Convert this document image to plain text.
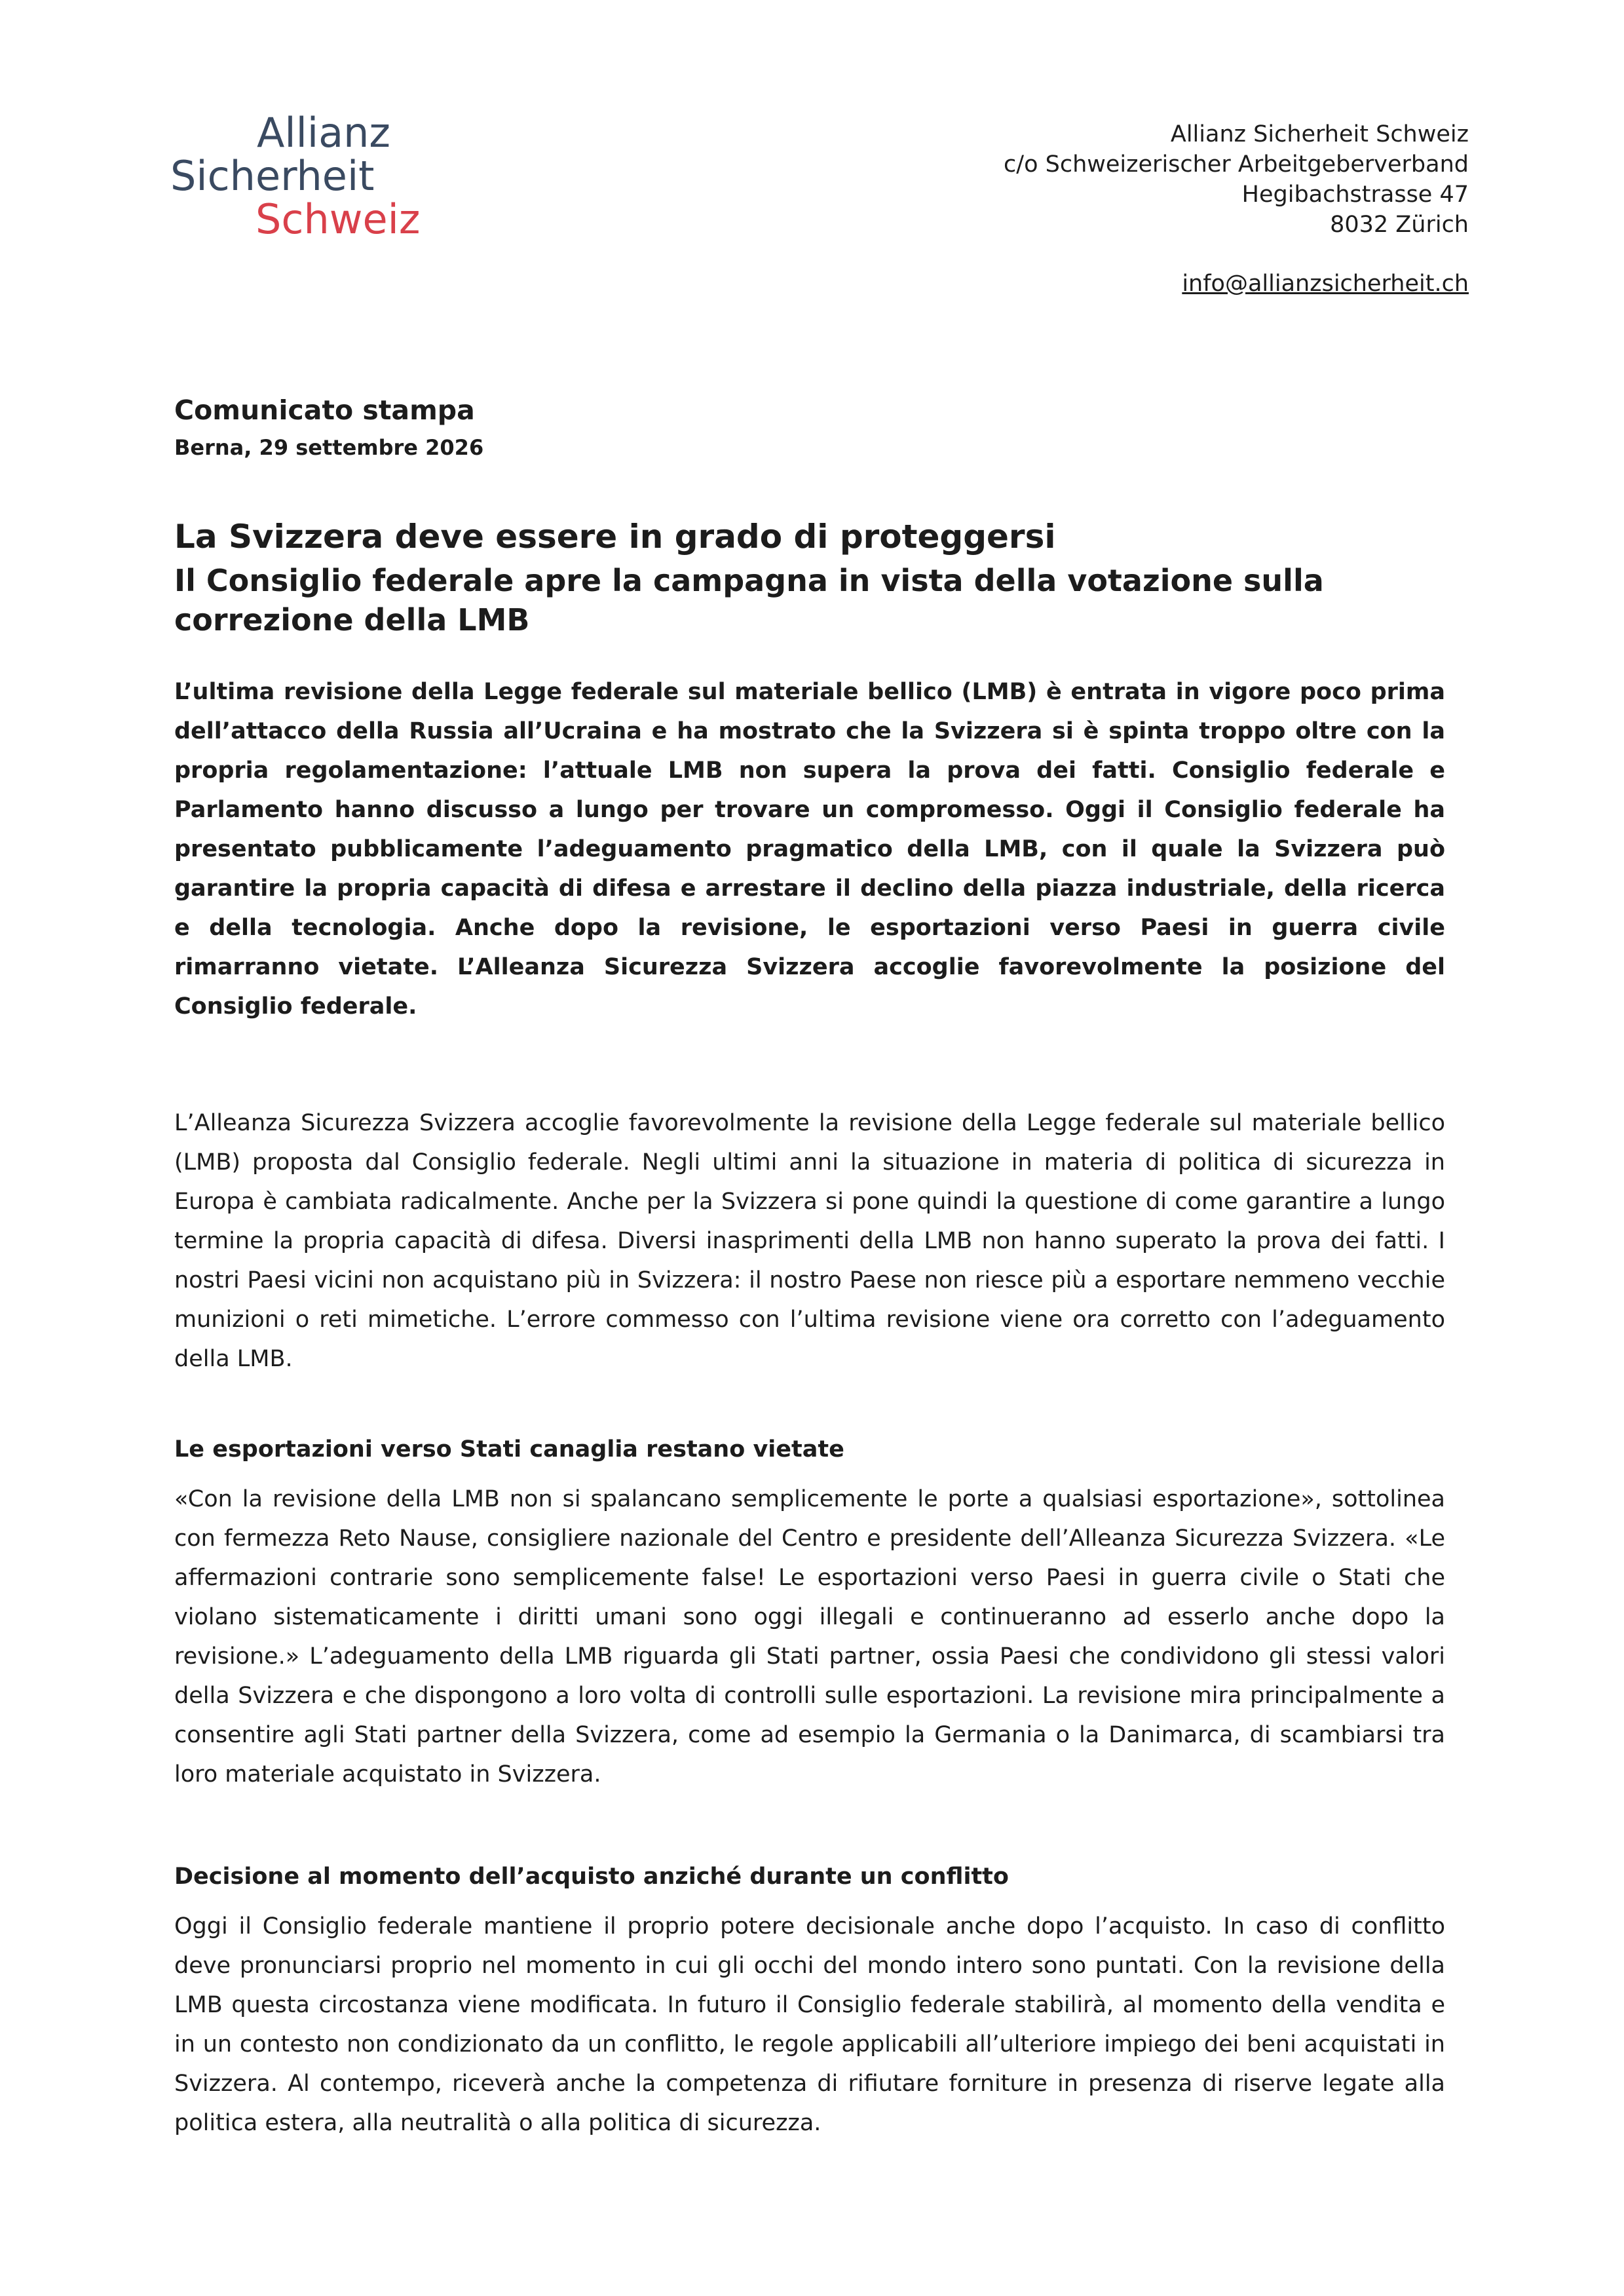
Allianz
Sicherheit
Schweiz
Allianz Sicherheit Schweiz
c/o Schweizerischer Arbeitgeberverband
Hegibachstrasse 47
8032 Zürich
info@allianzsicherheit.ch

Comunicato stampa

Berna, 29 settembre 2026

La Svizzera deve essere in grado di proteggersi
Il Consiglio federale apre la campagna in vista della votazione sulla correzione della LMB

L’ultima revisione della Legge federale sul materiale bellico (LMB) è entrata in vigore poco prima dell’attacco della Russia all’Ucraina e ha mostrato che la Svizzera si è spinta troppo oltre con la propria regolamentazione: l’attuale LMB non supera la prova dei fatti. Consiglio federale e Parlamento hanno discusso a lungo per trovare un compromesso. Oggi il Consiglio federale ha presentato pubblicamente l’adeguamento pragmatico della LMB, con il quale la Svizzera può garantire la propria capacità di difesa e arrestare il declino della piazza industriale, della ricerca e della tecnologia. Anche dopo la revisione, le esportazioni verso Paesi in guerra civile rimarranno vietate. L’Alleanza Sicurezza Svizzera accoglie favorevolmente la posizione del Consiglio federale.

L’Alleanza Sicurezza Svizzera accoglie favorevolmente la revisione della Legge federale sul materiale bellico (LMB) proposta dal Consiglio federale. Negli ultimi anni la situazione in materia di politica di sicurezza in Europa è cambiata radicalmente. Anche per la Svizzera si pone quindi la questione di come garantire a lungo termine la propria capacità di difesa. Diversi inasprimenti della LMB non hanno superato la prova dei fatti. I nostri Paesi vicini non acquistano più in Svizzera: il nostro Paese non riesce più a esportare nemmeno vecchie munizioni o reti mimetiche. L’errore commesso con l’ultima revisione viene ora corretto con l’adeguamento della LMB.

Le esportazioni verso Stati canaglia restano vietate

«Con la revisione della LMB non si spalancano semplicemente le porte a qualsiasi esportazione», sottolinea con fermezza Reto Nause, consigliere nazionale del Centro e presidente dell’Alleanza Sicurezza Svizzera. «Le affermazioni contrarie sono semplicemente false! Le esportazioni verso Paesi in guerra civile o Stati che violano sistematicamente i diritti umani sono oggi illegali e continueranno ad esserlo anche dopo la revisione.» L’adeguamento della LMB riguarda gli Stati partner, ossia Paesi che condividono gli stessi valori della Svizzera e che dispongono a loro volta di controlli sulle esportazioni. La revisione mira principalmente a consentire agli Stati partner della Svizzera, come ad esempio la Germania o la Danimarca, di scambiarsi tra loro materiale acquistato in Svizzera.

Decisione al momento dell’acquisto anziché durante un conflitto

Oggi il Consiglio federale mantiene il proprio potere decisionale anche dopo l’acquisto. In caso di conflitto deve pronunciarsi proprio nel momento in cui gli occhi del mondo intero sono puntati. Con la revisione della LMB questa circostanza viene modificata. In futuro il Consiglio federale stabilirà, al momento della vendita e in un contesto non condizionato da un conflitto, le regole applicabili all’ulteriore impiego dei beni acquistati in Svizzera. Al contempo, riceverà anche la competenza di rifiutare forniture in presenza di riserve legate alla politica estera, alla neutralità o alla politica di sicurezza.
